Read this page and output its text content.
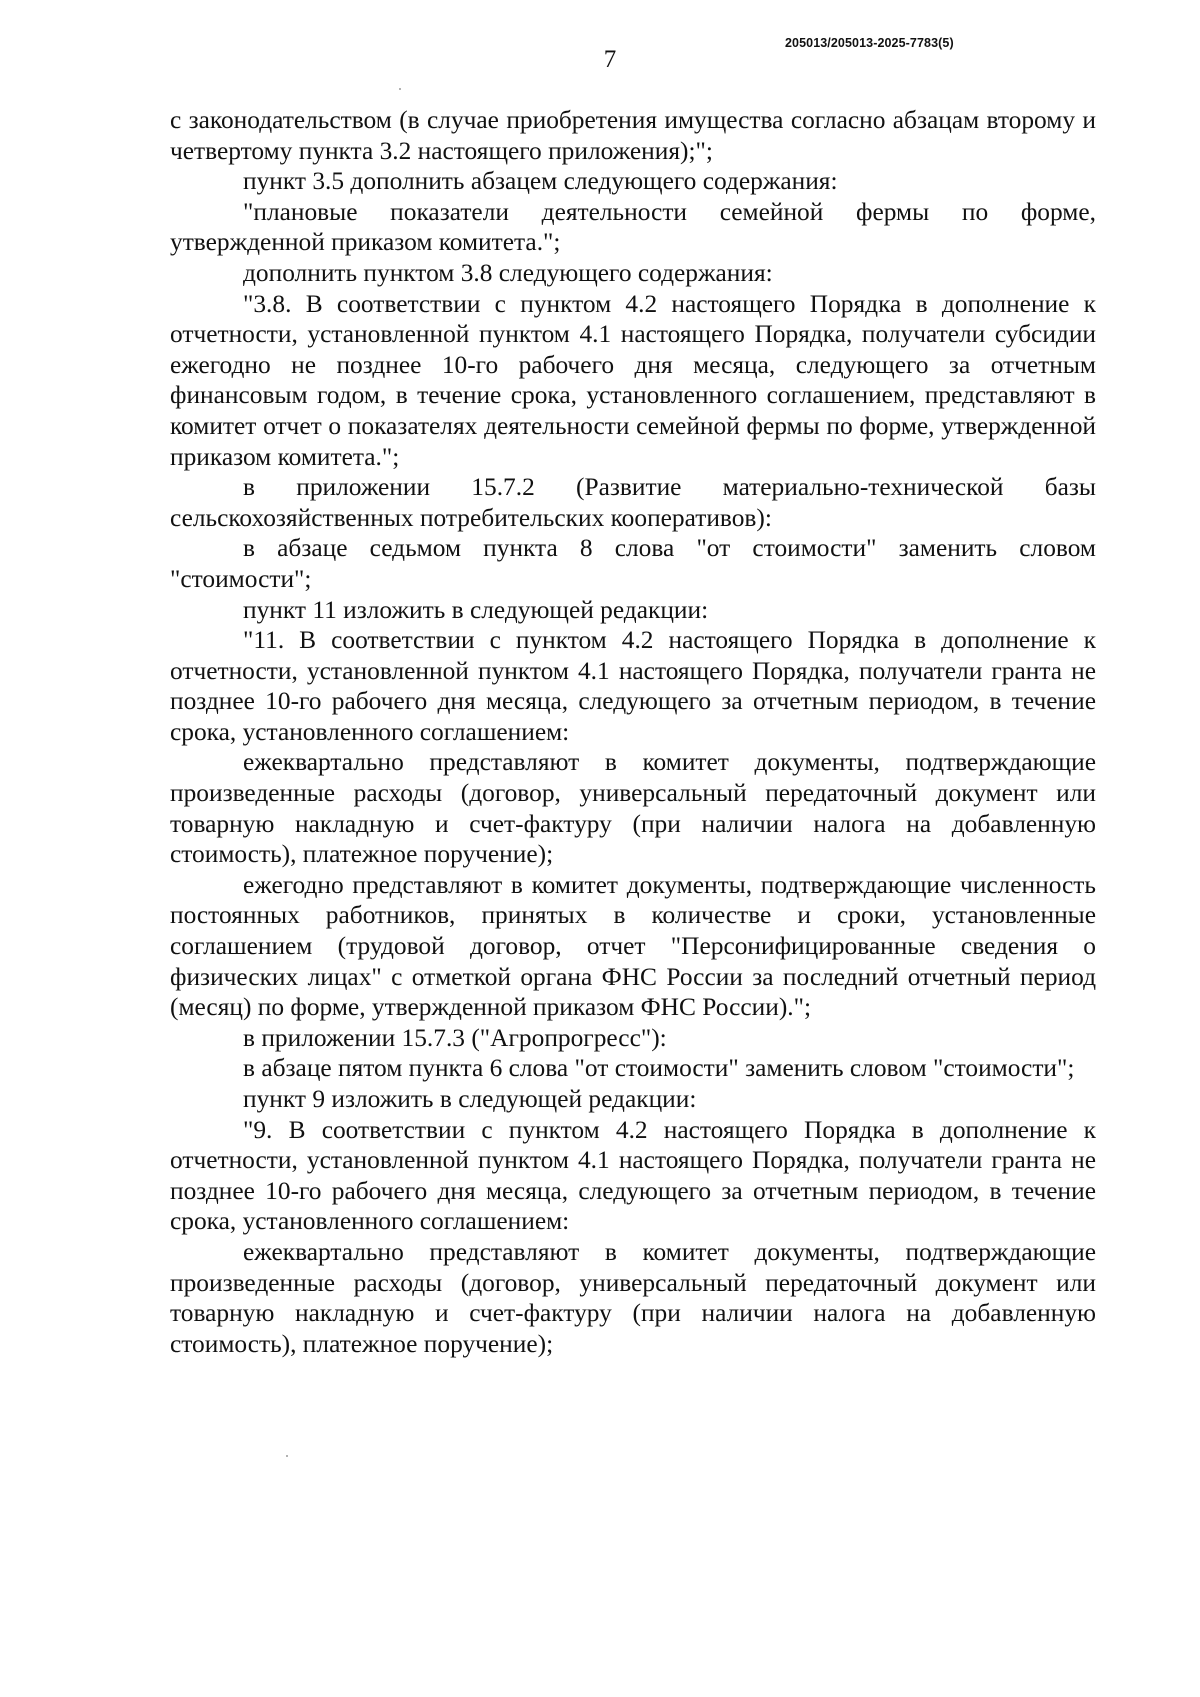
205013/205013-2025-7783(5)
7

с законодательством (в случае приобретения имущества согласно абзацам второму и четвертому пункта 3.2 настоящего приложения);";

пункт 3.5 дополнить абзацем следующего содержания:

"плановые показатели деятельности семейной фермы по форме, утвержденной приказом комитета.";

дополнить пунктом 3.8 следующего содержания:

"3.8. В соответствии с пунктом 4.2 настоящего Порядка в дополнение к отчетности, установленной пунктом 4.1 настоящего Порядка, получатели субсидии ежегодно не позднее 10-го рабочего дня месяца, следующего за отчетным финансовым годом, в течение срока, установленного соглашением, представляют в комитет отчет о показателях деятельности семейной фермы по форме, утвержденной приказом комитета.";

в приложении 15.7.2 (Развитие материально-технической базы сельскохозяйственных потребительских кооперативов):

в абзаце седьмом пункта 8 слова "от стоимости" заменить словом "стоимости";

пункт 11 изложить в следующей редакции:

"11. В соответствии с пунктом 4.2 настоящего Порядка в дополнение к отчетности, установленной пунктом 4.1 настоящего Порядка, получатели гранта не позднее 10-го рабочего дня месяца, следующего за отчетным периодом, в течение срока, установленного соглашением:

ежеквартально представляют в комитет документы, подтверждающие произведенные расходы (договор, универсальный передаточный документ или товарную накладную и счет-фактуру (при наличии налога на добавленную стоимость), платежное поручение);

ежегодно представляют в комитет документы, подтверждающие численность постоянных работников, принятых в количестве и сроки, установленные соглашением (трудовой договор, отчет "Персонифицированные сведения о физических лицах" с отметкой органа ФНС России за последний отчетный период (месяц) по форме, утвержденной приказом ФНС России).";

в приложении 15.7.3 ("Агропрогресс"):

в абзаце пятом пункта 6 слова "от стоимости" заменить словом "стоимости";

пункт 9 изложить в следующей редакции:

"9. В соответствии с пунктом 4.2 настоящего Порядка в дополнение к отчетности, установленной пунктом 4.1 настоящего Порядка, получатели гранта не позднее 10-го рабочего дня месяца, следующего за отчетным периодом, в течение срока, установленного соглашением:

ежеквартально представляют в комитет документы, подтверждающие произведенные расходы (договор, универсальный передаточный документ или товарную накладную и счет-фактуру (при наличии налога на добавленную стоимость), платежное поручение);
